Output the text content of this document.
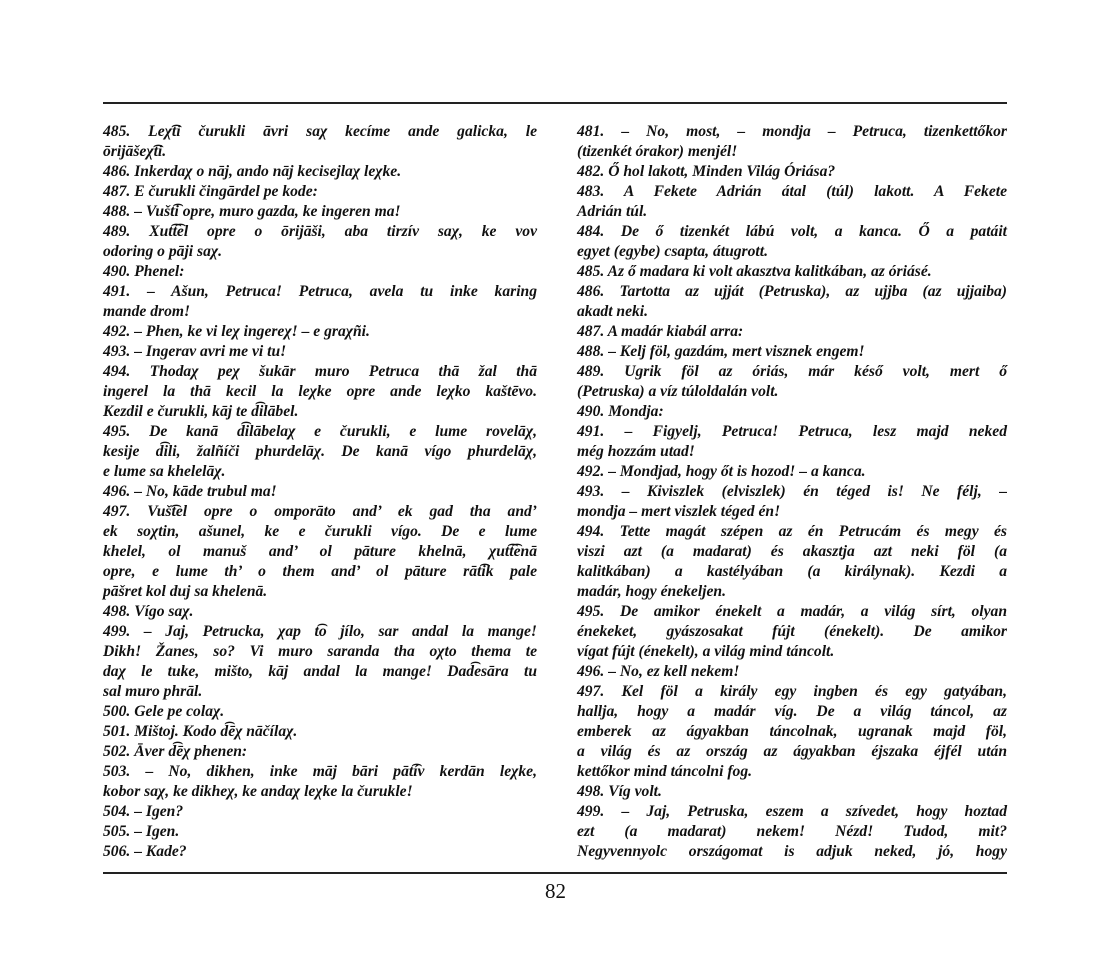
485. Leχ͡ti čurukli āvri saχ kecíme ande galicka, le
ōrijāšeχ͡ti.
486. Inkerdaχ o nāj, ando nāj kecisejlaχ leχke.
487. E čurukli čingārdel pe kode:
488. – Vušt͡i opre, muro gazda, ke ingeren ma!
489. Xut͡t͡el opre o ōrijāši, aba tirzív saχ, ke vov
odoring o pāji saχ.
490. Phenel:
491. – Ašun, Petruca! Petruca, avela tu inke karing
mande drom!
492. – Phen, ke vi leχ ingereχ! – e graχñi.
493. – Ingerav avri me vi tu!
494. Thodaχ peχ šukār muro Petruca thā žal thā
ingerel la thā kecil la leχke opre ande leχko kaštēvo.
Kezdil e čurukli, kāj te d͡ilābel.
495. De kanā d͡ilābelaχ e čurukli, e lume rovelāχ,
kesije d͡ili, žalñíči phurdelāχ. De kanā vígo phurdelāχ,
e lume sa khelelāχ.
496. – No, kāde trubul ma!
497. Vuš͡tel opre o omporāto and’ ek gad tha and’
ek soχtin, ašunel, ke e čurukli vígo. De e lume
khelel, ol manuš and’ ol pāture khelnā, χut͡t͡enā
opre, e lume th’ o them and’ ol pāture rāt͡ik pale
pāšret kol duj sa khelenā.
498. Vígo saχ.
499. – Jaj, Petrucka, χap t͡o jílo, sar andal la mange!
Dikh! Žanes, so? Vi muro saranda tha oχto thema te
daχ le tuke, mišto, kāj andal la mange! Dad͡esāra tu
sal muro phrāl.
500. Gele pe colaχ.
501. Mištoj. Kodo d͡ēχ nāčílaχ.
502. Āver d͡ēχ phenen:
503. – No, dikhen, inke māj bāri pāt͡ív kerdān leχke,
kobor saχ, ke dikheχ, ke andaχ leχke la čurukle!
504. – Igen?
505. – Igen.
506. – Kade?
481. – No, most, – mondja – Petruca, tizenkettőkor
(tizenkét órakor) menjél!
482. Ő hol lakott, Minden Világ Óriása?
483. A Fekete Adrián átal (túl) lakott. A Fekete
Adrián túl.
484. De ő tizenkét lábú volt, a kanca. Ő a patáit
egyet (egybe) csapta, átugrott.
485. Az ő madara ki volt akasztva kalitkában, az óriásé.
486. Tartotta az ujját (Petruska), az ujjba (az ujjaiba)
akadt neki.
487. A madár kiabál arra:
488. – Kelj föl, gazdám, mert visznek engem!
489. Ugrik föl az óriás, már késő volt, mert ő
(Petruska) a víz túloldalán volt.
490. Mondja:
491. – Figyelj, Petruca! Petruca, lesz majd neked
még hozzám utad!
492. – Mondjad, hogy őt is hozod! – a kanca.
493. – Kiviszlek (elviszlek) én téged is! Ne félj, –
mondja – mert viszlek téged én!
494. Tette magát szépen az én Petrucám és megy és
viszi azt (a madarat) és akasztja azt neki föl (a
kalitkában) a kastélyában (a királynak). Kezdi a
madár, hogy énekeljen.
495. De amikor énekelt a madár, a világ sírt, olyan
énekeket, gyászosakat fújt (énekelt). De amikor
vígat fújt (énekelt), a világ mind táncolt.
496. – No, ez kell nekem!
497. Kel föl a király egy ingben és egy gatyában,
hallja, hogy a madár víg. De a világ táncol, az
emberek az ágyakban táncolnak, ugranak majd föl,
a világ és az ország az ágyakban éjszaka éjfél után
kettőkor mind táncolni fog.
498. Víg volt.
499. – Jaj, Petruska, eszem a szívedet, hogy hoztad
ezt (a madarat) nekem! Nézd! Tudod, mit?
Negyvennyolc országomat is adjuk neked, jó, hogy
82
